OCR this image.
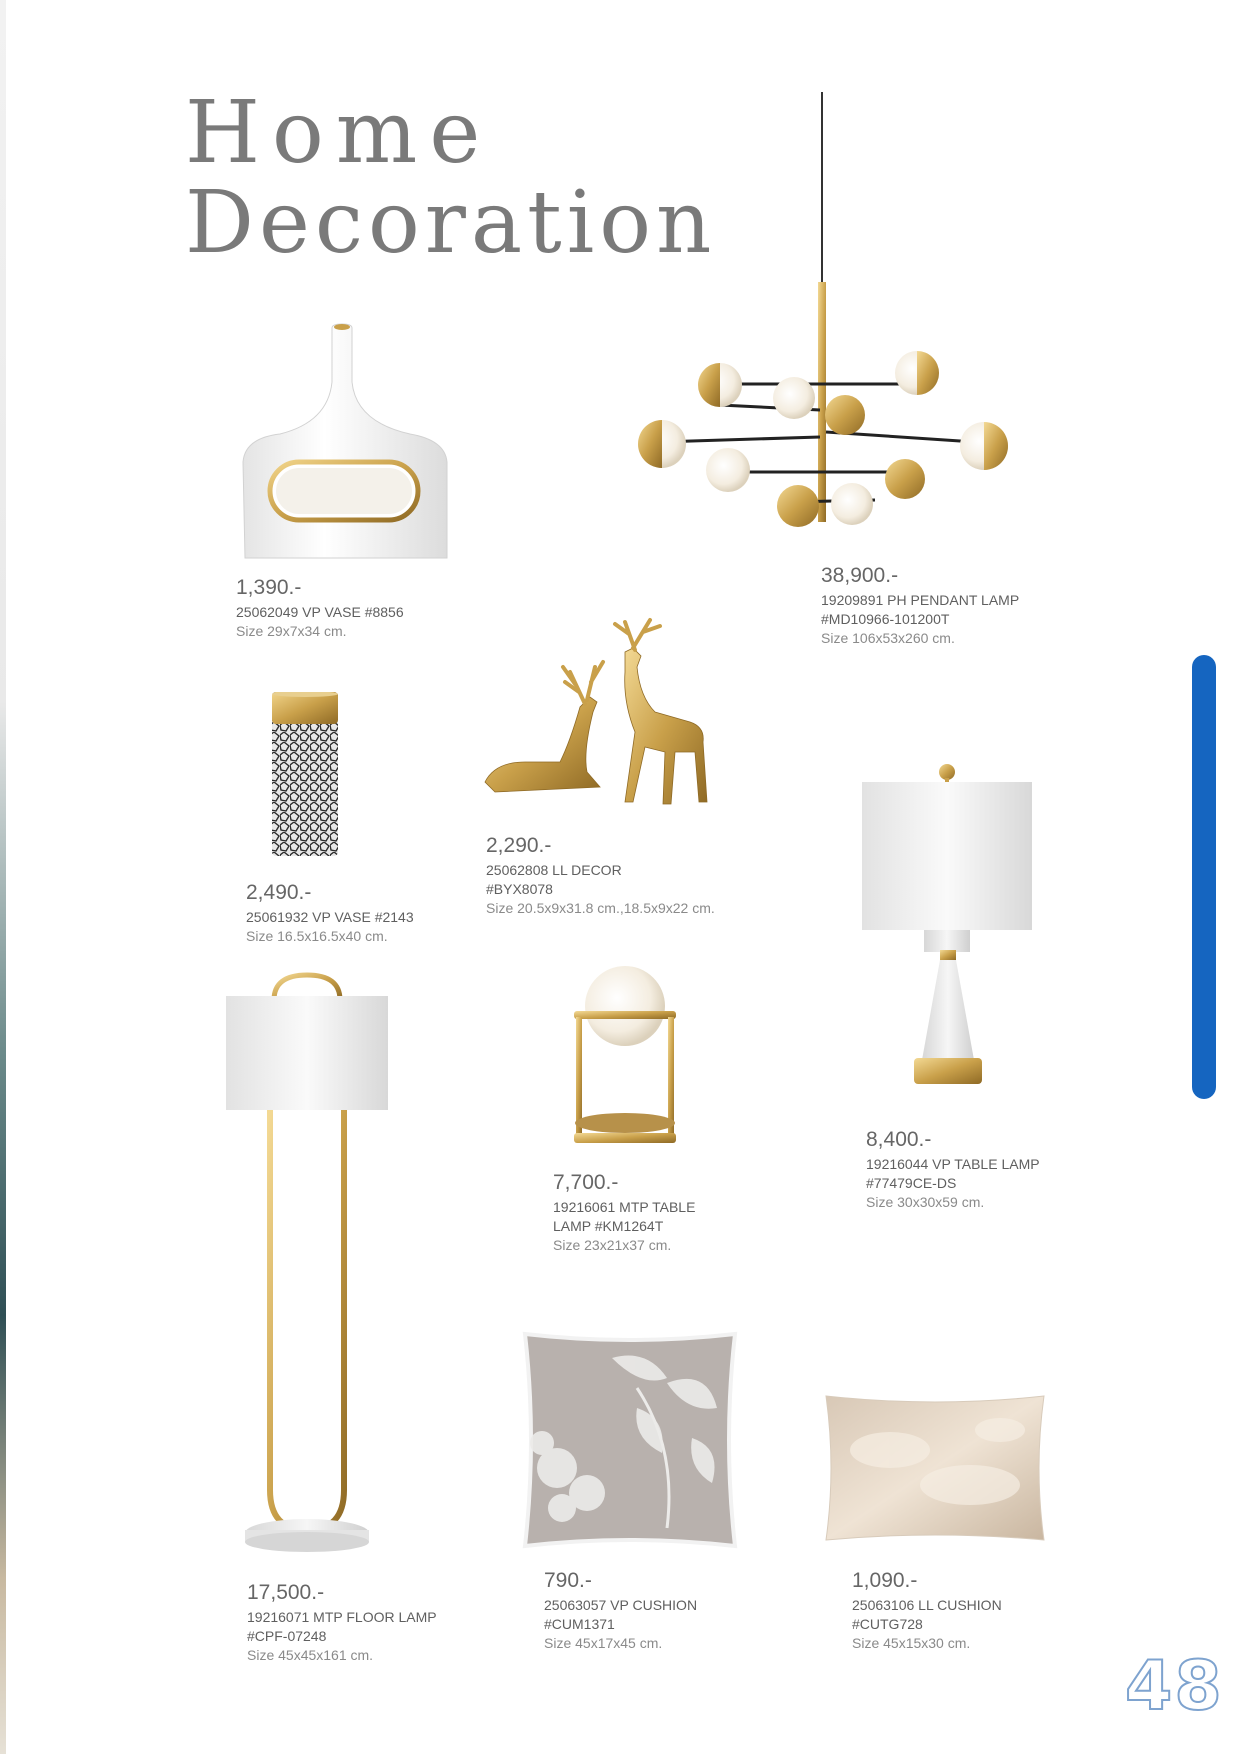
Home
Decoration
1,390.-
25062049 VP VASE #8856
Size 29x7x34 cm.
38,900.-
19209891 PH PENDANT LAMP
#MD10966-101200T
Size 106x53x260 cm.
2,490.-
25061932 VP VASE #2143
Size 16.5x16.5x40 cm.
2,290.-
25062808 LL DECOR
#BYX8078
Size 20.5x9x31.8 cm.,18.5x9x22 cm.
8,400.-
19216044 VP TABLE LAMP
#77479CE-DS
Size 30x30x59 cm.
7,700.-
19216061 MTP TABLE
LAMP #KM1264T
Size 23x21x37 cm.
17,500.-
19216071 MTP FLOOR LAMP
#CPF-07248
Size 45x45x161 cm.
790.-
25063057 VP CUSHION
#CUM1371
Size 45x17x45 cm.
1,090.-
25063106 LL CUSHION
#CUTG728
Size 45x15x30 cm.
48
